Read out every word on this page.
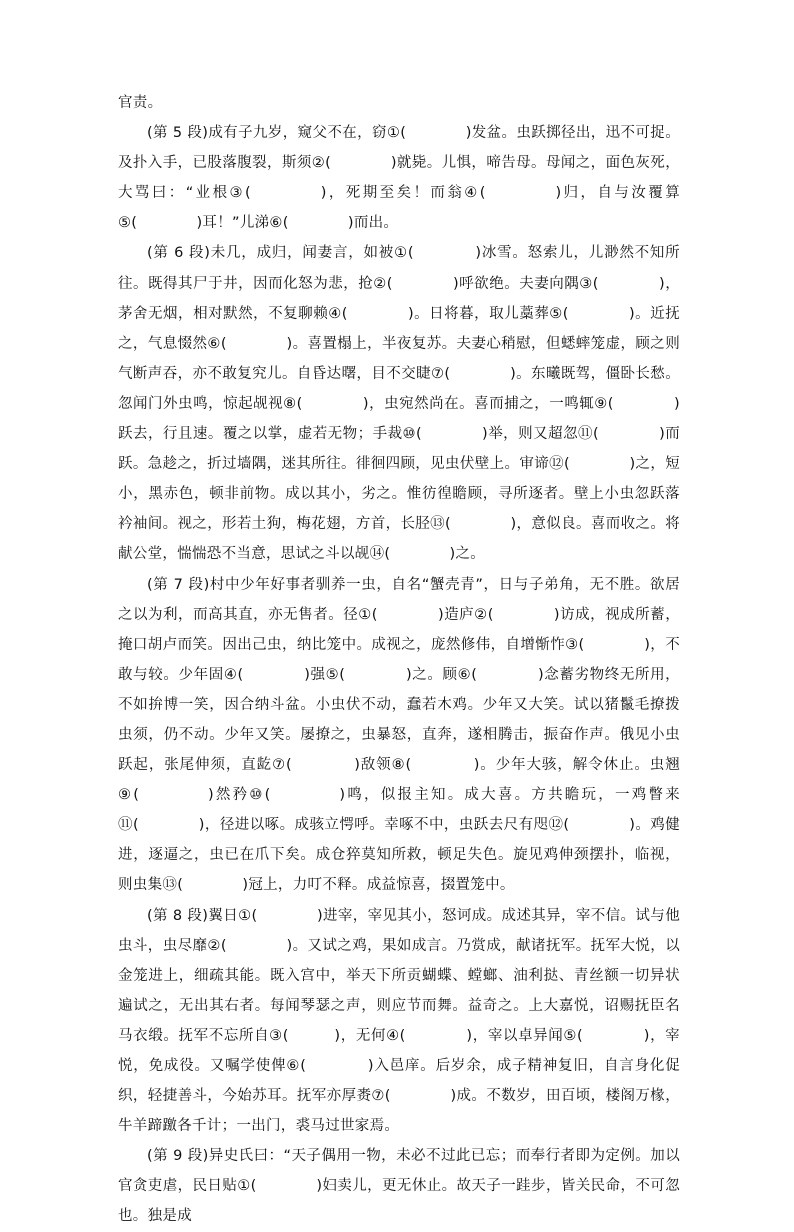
官责。

(第 5 段)成有子九岁，窥父不在，窃①(　　　　)发盆。虫跃掷径出，迅不可捉。及扑入手，已股落腹裂，斯须②(　　　　)就毙。儿惧，啼告母。母闻之，面色灰死，大骂曰：“业根③(　　　　)，死期至矣！而翁④(　　　　)归，自与汝覆算⑤(　　　　)耳！”儿涕⑥(　　　　)而出。

(第 6 段)未几，成归，闻妻言，如被①(　　　　)冰雪。怒索儿，儿渺然不知所往。既得其尸于井，因而化怒为悲，抢②(　　　　)呼欲绝。夫妻向隅③(　　　　)，茅舍无烟，相对默然，不复聊赖④(　　　　)。日将暮，取儿藁葬⑤(　　　　)。近抚之，气息惙然⑥(　　　　)。喜置榻上，半夜复苏。夫妻心稍慰，但蟋蟀笼虚，顾之则气断声吞，亦不敢复究儿。自昏达曙，目不交睫⑦(　　　　)。东曦既驾，僵卧长愁。忽闻门外虫鸣，惊起觇视⑧(　　　　)，虫宛然尚在。喜而捕之，一鸣辄⑨(　　　　)跃去，行且速。覆之以掌，虚若无物；手裁⑩(　　　　)举，则又超忽⑪(　　　　)而跃。急趁之，折过墙隅，迷其所往。徘徊四顾，见虫伏壁上。审谛⑫(　　　　)之，短小，黑赤色，顿非前物。成以其小，劣之。惟彷徨瞻顾，寻所逐者。壁上小虫忽跃落衿袖间。视之，形若土狗，梅花翅，方首，长胫⑬(　　　　)，意似良。喜而收之。将献公堂，惴惴恐不当意，思试之斗以觇⑭(　　　　)之。

(第 7 段)村中少年好事者驯养一虫，自名“蟹壳青”，日与子弟角，无不胜。欲居之以为利，而高其直，亦无售者。径①(　　　　)造庐②(　　　　)访成，视成所蓄，掩口胡卢而笑。因出己虫，纳比笼中。成视之，庞然修伟，自增惭怍③(　　　　)，不敢与较。少年固④(　　　　)强⑤(　　　　)之。顾⑥(　　　　)念蓄劣物终无所用，不如拚博一笑，因合纳斗盆。小虫伏不动，蠢若木鸡。少年又大笑。试以猪鬣毛撩拨虫须，仍不动。少年又笑。屡撩之，虫暴怒，直奔，遂相腾击，振奋作声。俄见小虫跃起，张尾伸须，直龁⑦(　　　　)敌领⑧(　　　　)。少年大骇，解令休止。虫翘⑨(　　　　)然矜⑩(　　　　)鸣，似报主知。成大喜。方共瞻玩，一鸡瞥来⑪(　　　　)，径进以啄。成骇立愕呼。幸啄不中，虫跃去尺有咫⑫(　　　　)。鸡健进，逐逼之，虫已在爪下矣。成仓猝莫知所救，顿足失色。旋见鸡伸颈摆扑，临视，则虫集⑬(　　　　)冠上，力叮不释。成益惊喜，掇置笼中。

(第 8 段)翼日①(　　　　)进宰，宰见其小，怒诃成。成述其异，宰不信。试与他虫斗，虫尽靡②(　　　　)。又试之鸡，果如成言。乃赏成，献诸抚军。抚军大悦，以金笼进上，细疏其能。既入宫中，举天下所贡蝴蝶、螳螂、油利挞、青丝额一切异状遍试之，无出其右者。每闻琴瑟之声，则应节而舞。益奇之。上大嘉悦，诏赐抚臣名马衣缎。抚军不忘所自③(　　　)，无何④(　　　　)，宰以卓异闻⑤(　　　　)，宰悦，免成役。又嘱学使俾⑥(　　　　)入邑庠。后岁余，成子精神复旧，自言身化促织，轻捷善斗，今始苏耳。抚军亦厚赉⑦(　　　　)成。不数岁，田百顷，楼阁万椽，牛羊蹄躈各千计；一出门，裘马过世家焉。

(第 9 段)异史氏曰：“天子偶用一物，未必不过此已忘；而奉行者即为定例。加以官贪吏虐，民日贴①(　　　　)妇卖儿，更无休止。故天子一跬步，皆关民命，不可忽也。独是成
